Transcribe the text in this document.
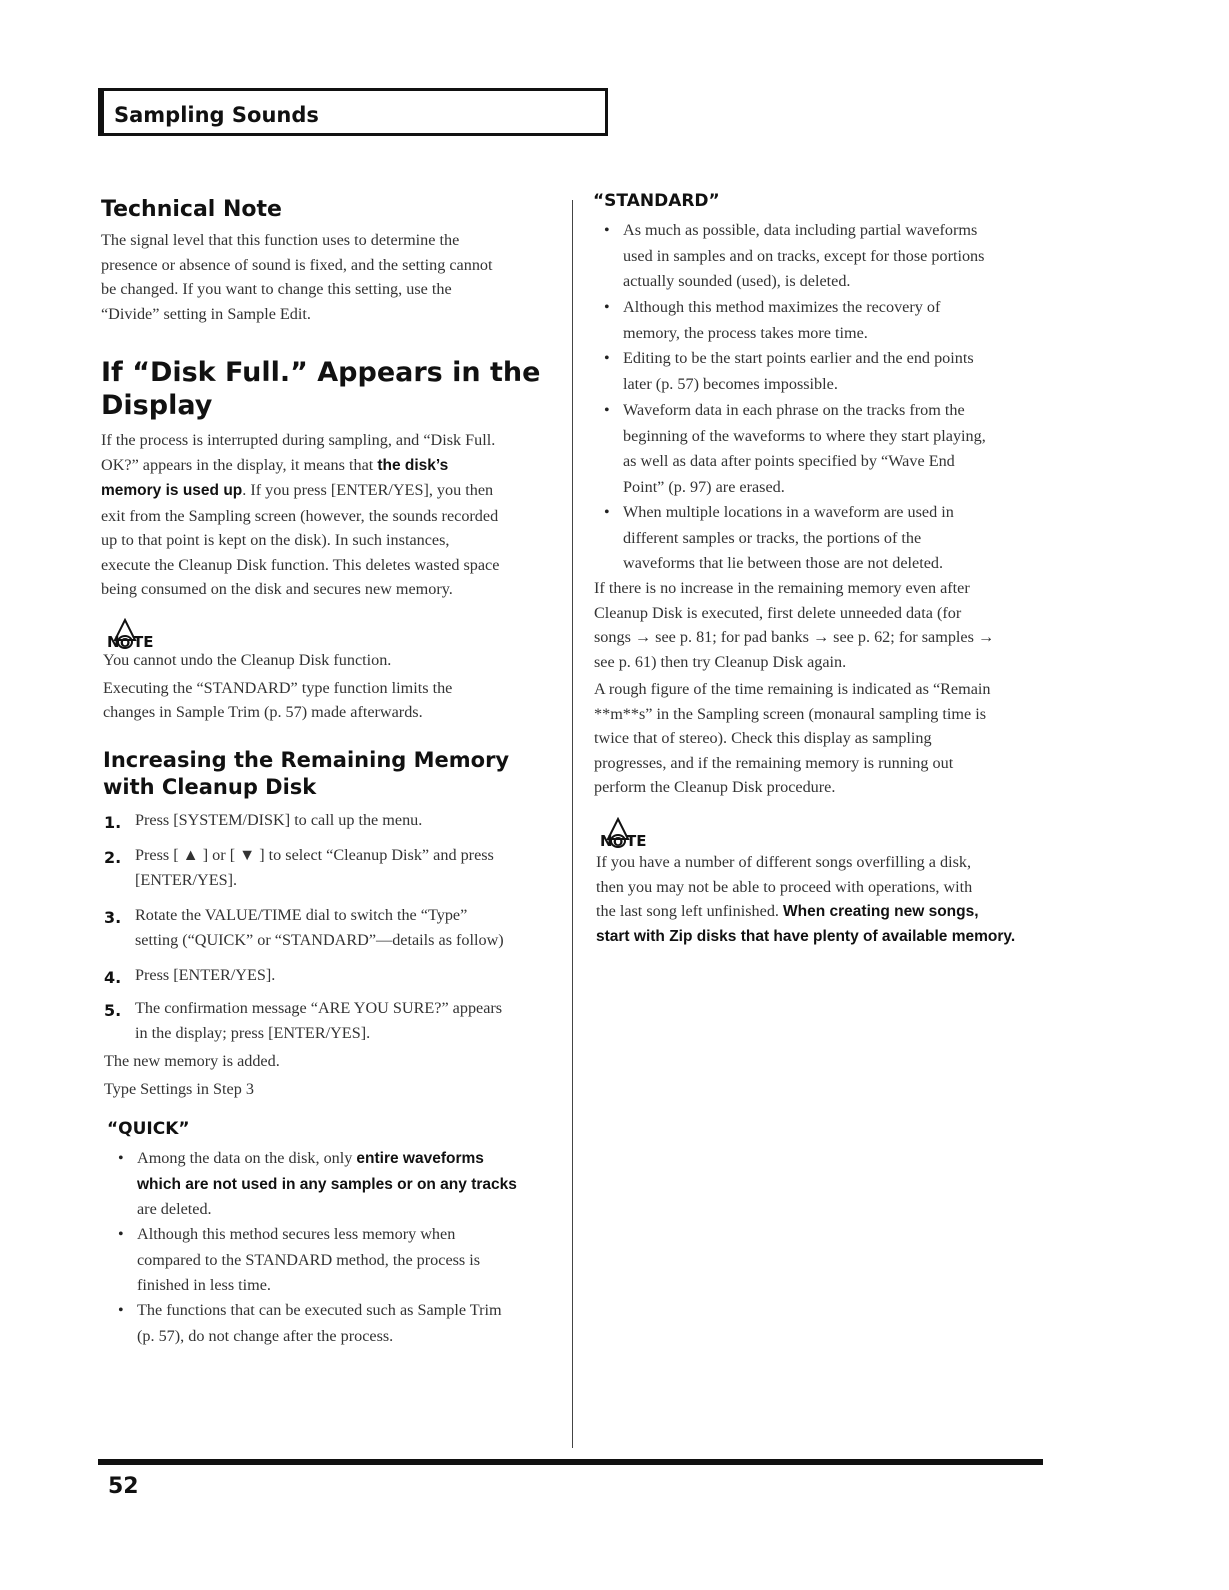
Sampling Sounds
Technical Note
The signal level that this function uses to determine the
presence or absence of sound is fixed, and the setting cannot
be changed. If you want to change this setting, use the
“Divide” setting in Sample Edit.
If “Disk Full.” Appears in the
Display
If the process is interrupted during sampling, and “Disk Full.
OK?” appears in the display, it means that the disk’s
memory is used up. If you press [ENTER/YES], you then
exit from the Sampling screen (however, the sounds recorded
up to that point is kept on the disk). In such instances,
execute the Cleanup Disk function. This deletes wasted space
being consumed on the disk and secures new memory.
N O TE
You cannot undo the Cleanup Disk function.
Executing the “STANDARD” type function limits the
changes in Sample Trim (p. 57) made afterwards.
Increasing the Remaining Memory
with Cleanup Disk
1. Press [SYSTEM/DISK] to call up the menu.
2. Press [ ▲ ] or [ ▼ ] to select “Cleanup Disk” and press
[ENTER/YES].
3. Rotate the VALUE/TIME dial to switch the “Type”
setting (“QUICK” or “STANDARD”—details as follow)
4. Press [ENTER/YES].
5. The confirmation message “ARE YOU SURE?” appears
in the display; press [ENTER/YES].
The new memory is added.
Type Settings in Step 3
“QUICK”
• Among the data on the disk, only entire waveforms
which are not used in any samples or on any tracks
are deleted.
• Although this method secures less memory when
compared to the STANDARD method, the process is
finished in less time.
• The functions that can be executed such as Sample Trim
(p. 57), do not change after the process.
“STANDARD”
• As much as possible, data including partial waveforms
used in samples and on tracks, except for those portions
actually sounded (used), is deleted.
• Although this method maximizes the recovery of
memory, the process takes more time.
• Editing to be the start points earlier and the end points
later (p. 57) becomes impossible.
• Waveform data in each phrase on the tracks from the
beginning of the waveforms to where they start playing,
as well as data after points specified by “Wave End
Point” (p. 97) are erased.
• When multiple locations in a waveform are used in
different samples or tracks, the portions of the
waveforms that lie between those are not deleted.
If there is no increase in the remaining memory even after
Cleanup Disk is executed, first delete unneeded data (for
songs → see p. 81; for pad banks → see p. 62; for samples →
see p. 61) then try Cleanup Disk again.
A rough figure of the time remaining is indicated as “Remain
**m**s” in the Sampling screen (monaural sampling time is
twice that of stereo). Check this display as sampling
progresses, and if the remaining memory is running out
perform the Cleanup Disk procedure.
N O TE
If you have a number of different songs overfilling a disk,
then you may not be able to proceed with operations, with
the last song left unfinished. When creating new songs,
start with Zip disks that have plenty of available memory.
52
